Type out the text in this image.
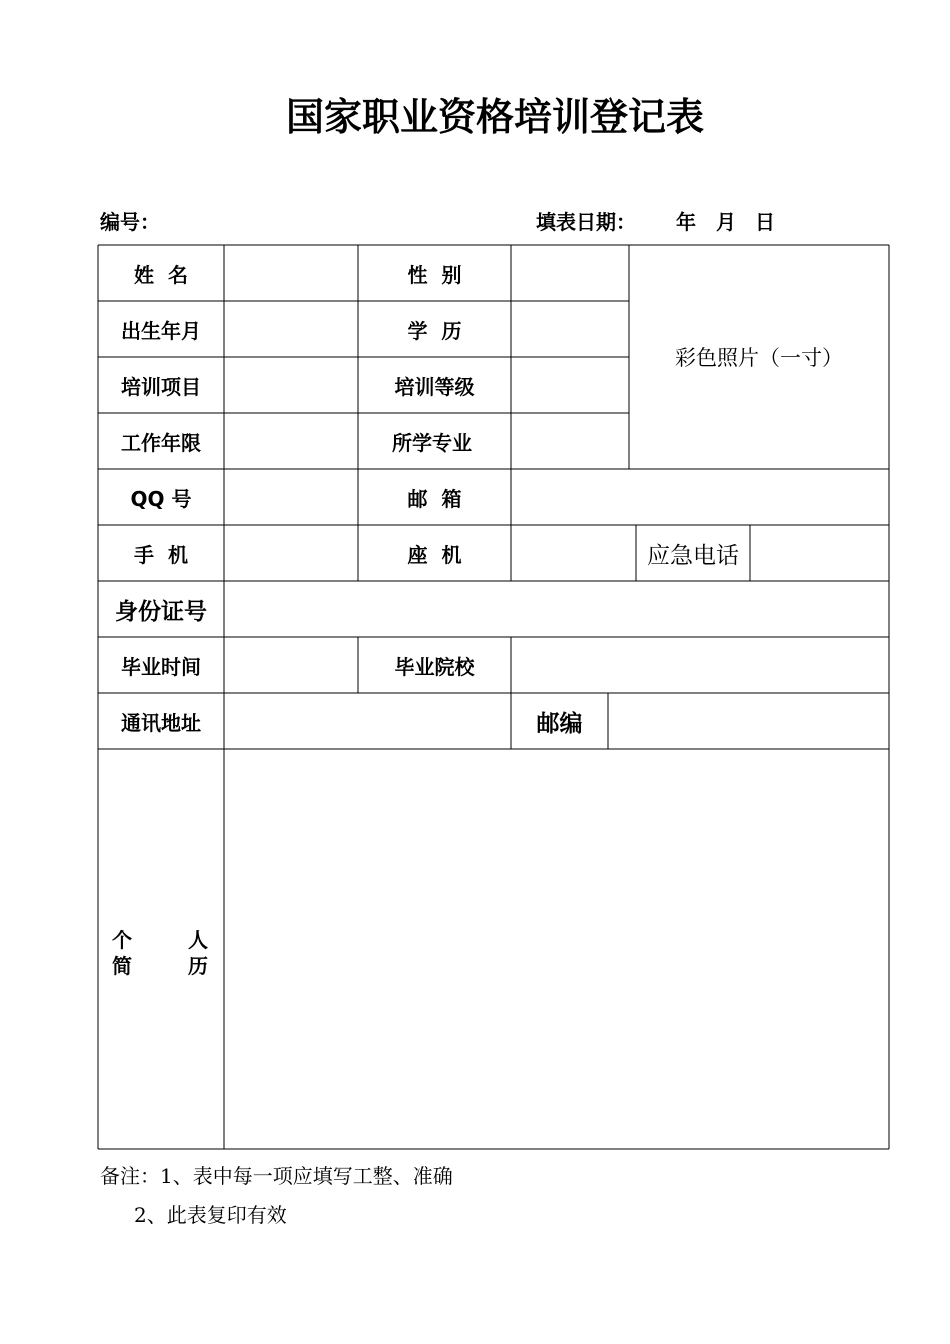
国家职业资格培训登记表
编号：	填表日期： 年 月 日
姓  名	性  别
彩色照片（一寸）
出生年月	学  历
培训项目	培训等级
工作年限	所学专业
QQ 号	邮  箱
手  机	座  机	应急电话
身份证号
毕业时间	毕业院校
通讯地址	邮编
个	人
简	历
备注：1、表中每一项应填写工整、准确
2、此表复印有效
